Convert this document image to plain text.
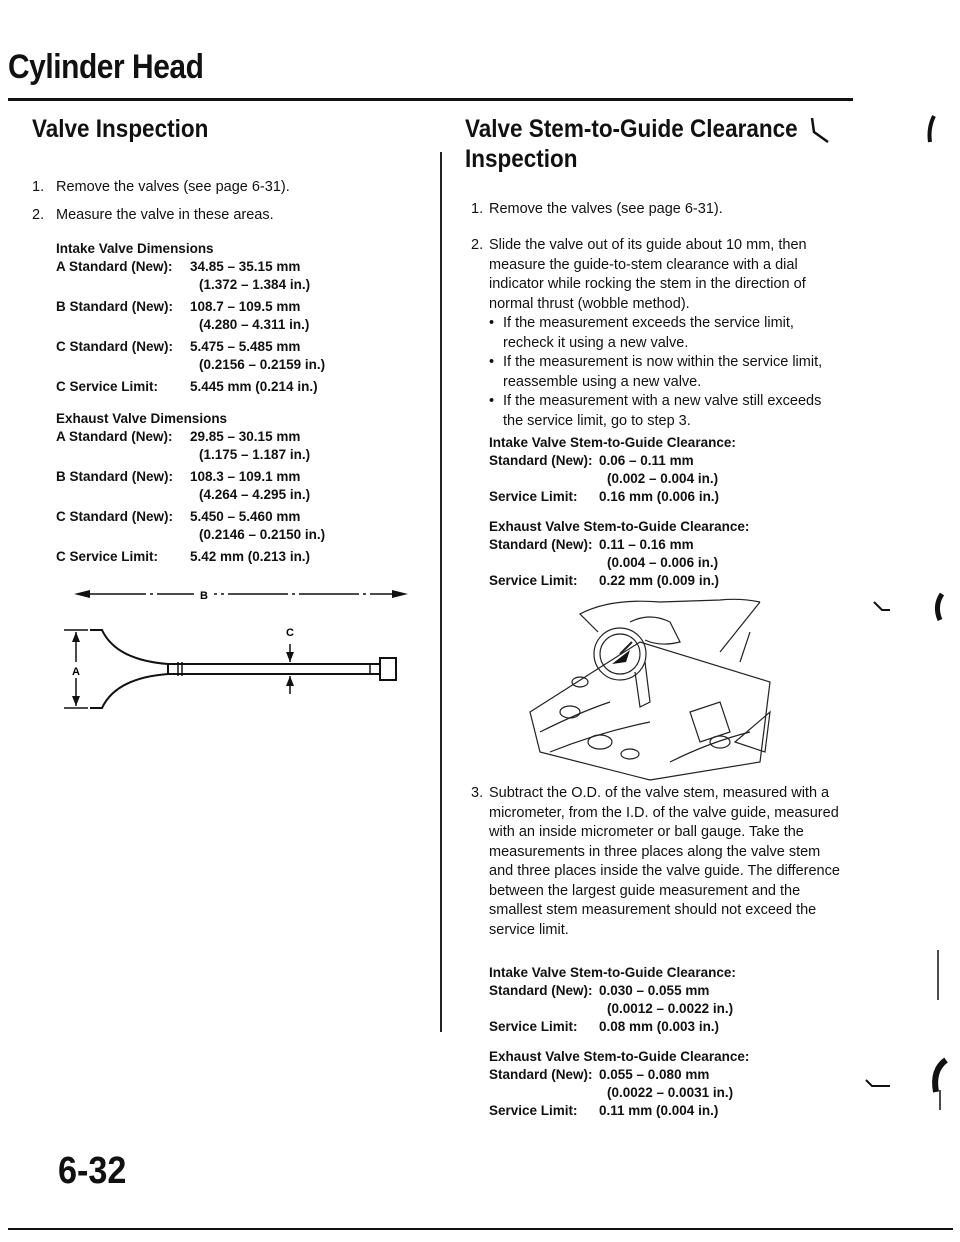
Cylinder Head
Valve Inspection
1. Remove the valves (see page 6-31).
2. Measure the valve in these areas.
Intake Valve Dimensions
A Standard (New):	34.85 – 35.15 mm
(1.372 – 1.384 in.)
B Standard (New):	108.7 – 109.5 mm
(4.280 – 4.311 in.)
C Standard (New):	5.475 – 5.485 mm
(0.2156 – 0.2159 in.)
C Service Limit:	5.445 mm (0.214 in.)
Exhaust Valve Dimensions
A Standard (New):	29.85 – 30.15 mm
(1.175 – 1.187 in.)
B Standard (New):	108.3 – 109.1 mm
(4.264 – 4.295 in.)
C Standard (New):	5.450 – 5.460 mm
(0.2146 – 0.2150 in.)
C Service Limit:	5.42 mm (0.213 in.)
B
A
C
6-32
Valve Stem-to-Guide Clearance
Inspection
1. Remove the valves (see page 6-31).
2. Slide the valve out of its guide about 10 mm, then measure the guide-to-stem clearance with a dial indicator while rocking the stem in the direction of normal thrust (wobble method).
• If the measurement exceeds the service limit, recheck it using a new valve.
• If the measurement is now within the service limit, reassemble using a new valve.
• If the measurement with a new valve still exceeds the service limit, go to step 3.
Intake Valve Stem-to-Guide Clearance:
Standard (New): 0.06 – 0.11 mm
(0.002 – 0.004 in.)
Service Limit:	0.16 mm (0.006 in.)
Exhaust Valve Stem-to-Guide Clearance:
Standard (New): 0.11 – 0.16 mm
(0.004 – 0.006 in.)
Service Limit:	0.22 mm (0.009 in.)
3. Subtract the O.D. of the valve stem, measured with a micrometer, from the I.D. of the valve guide, measured with an inside micrometer or ball gauge. Take the measurements in three places along the valve stem and three places inside the valve guide. The difference between the largest guide measurement and the smallest stem measurement should not exceed the service limit.
Intake Valve Stem-to-Guide Clearance:
Standard (New): 0.030 – 0.055 mm
(0.0012 – 0.0022 in.)
Service Limit:	0.08 mm (0.003 in.)
Exhaust Valve Stem-to-Guide Clearance:
Standard (New): 0.055 – 0.080 mm
(0.0022 – 0.0031 in.)
Service Limit:	0.11 mm (0.004 in.)
